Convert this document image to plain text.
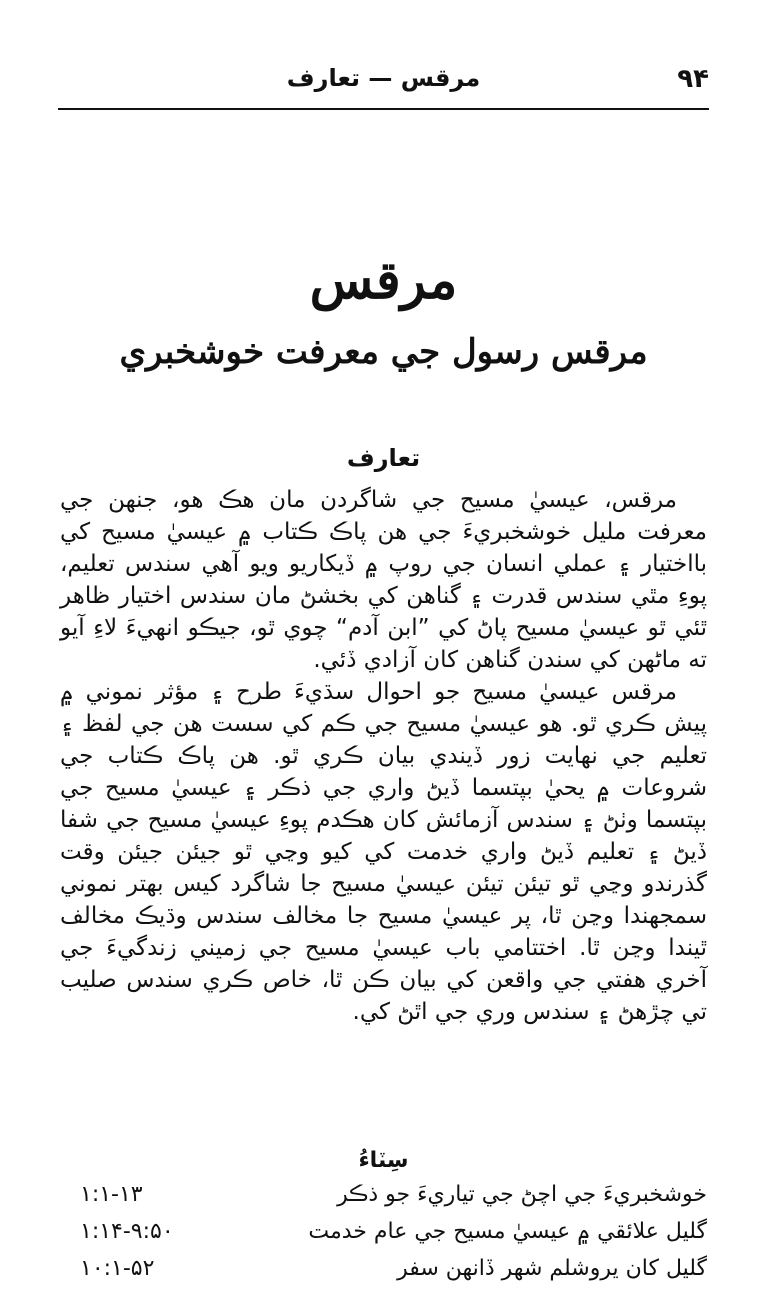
۹۴
مرقس — تعارف
مرقس
مرقس رسول جي معرفت خوشخبري
تعارف

مرقس، عيسيٰ مسيح جي شاگردن مان هڪ هو، جنهن جي معرفت مليل خوشخبريءَ جي هن پاڪ ڪتاب ۾ عيسيٰ مسيح کي بااختيار ۽ عملي انسان جي روپ ۾ ڏيکاريو ويو آهي سندس تعليم، پوءِ مٿي سندس قدرت ۽ گناهن کي بخشڻ مان سندس اختيار ظاهر ٿئي ٿو عيسيٰ مسيح پاڻ کي ”ابن آدم“ چوي ٿو، جيڪو انهيءَ لاءِ آيو ته ماڻهن کي سندن گناهن کان آزادي ڏئي.

مرقس عيسيٰ مسيح جو احوال سڌيءَ طرح ۽ مؤثر نموني ۾ پيش ڪري ٿو. هو عيسيٰ مسيح جي ڪم کي سست هن جي لفظ ۽ تعليم جي نهايت زور ڏيندي بيان ڪري ٿو. هن پاڪ ڪتاب جي شروعات ۾ يحيٰ بپتسما ڏيڻ واري جي ذڪر ۽ عيسيٰ مسيح جي بپتسما وٺڻ ۽ سندس آزمائش کان هڪدم پوءِ عيسيٰ مسيح جي شفا ڏيڻ ۽ تعليم ڏيڻ واري خدمت کي کيو وڃي ٿو جيئن جيئن وقت گذرندو وڃي ٿو تيئن تيئن عيسيٰ مسيح جا شاگرد کيس بهتر نموني سمجهندا وڃن ٿا، پر عيسيٰ مسيح جا مخالف سندس وڌيڪ مخالف ٿيندا وڃن ٿا. اختتامي باب عيسيٰ مسيح جي زميني زندگيءَ جي آخري هفتي جي واقعن کي بيان ڪن ٿا، خاص ڪري سندس صليب تي چڙهڻ ۽ سندس وري جي اٿڻ کي.

سِٽاءُ
خوشخبريءَ جي اچڻ جي تياريءَ جو ذڪر
۱:۱-۱۳
گليل علائقي ۾ عيسيٰ مسيح جي عام خدمت
۱:۱۴-۹:۵۰
گليل کان يروشلم شهر ڏانهن سفر
۱۰:۱-۵۲
